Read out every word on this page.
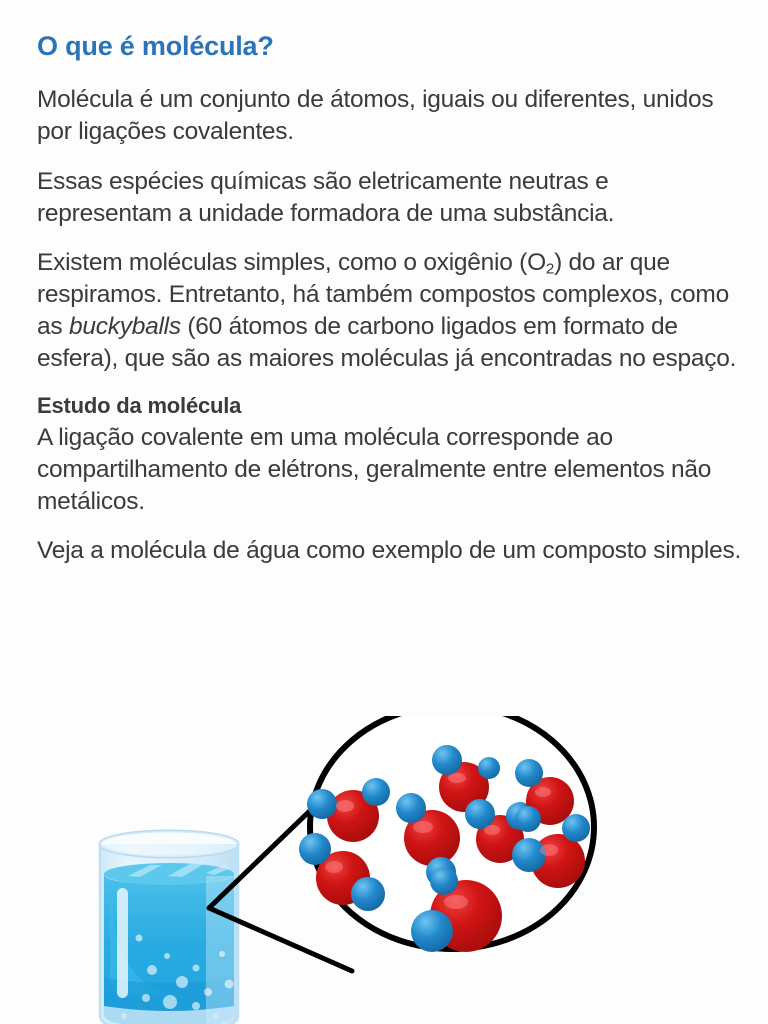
O que é molécula?

Molécula é um conjunto de átomos, iguais ou diferentes, unidos por ligações covalentes.

Essas espécies químicas são eletricamente neutras e representam a unidade formadora de uma substância.

Existem moléculas simples, como o oxigênio $(O_2)$ do ar que respiramos. Entretanto, há também compostos complexos, como as buckyballs (60 átomos de carbono ligados em formato de esfera), que são as maiores moléculas já encontradas no espaço.

Estudo da molécula

A ligação covalente em uma molécula corresponde ao compartilhamento de elétrons, geralmente entre elementos não metálicos.

Veja a molécula de água como exemplo de um composto simples.
